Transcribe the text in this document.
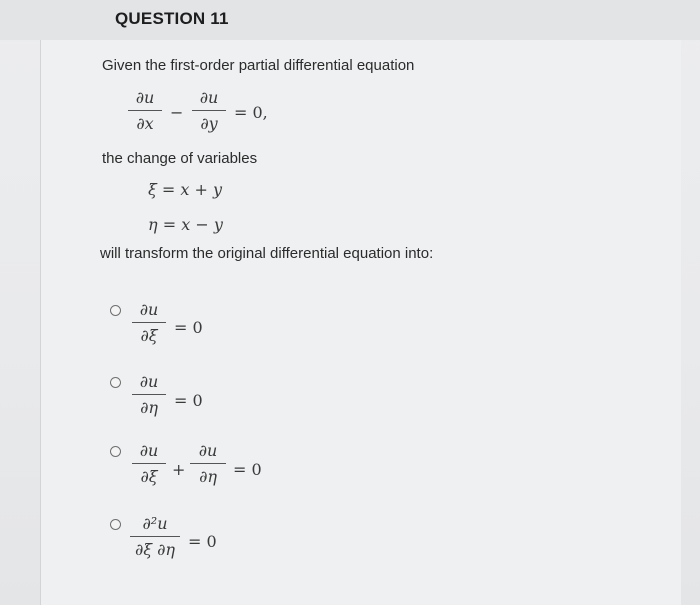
QUESTION 11
Given the first-order partial differential equation
∂u
∂x
−
∂u
∂y
= 0,
the change of variables
ξ = x + y
η = x − y
will transform the original differential equation into:
∂u
∂ξ	= 0
∂u
∂η	= 0
∂u
∂ξ +
∂u
∂η	= 0
∂²u
∂ξ ∂η = 0
